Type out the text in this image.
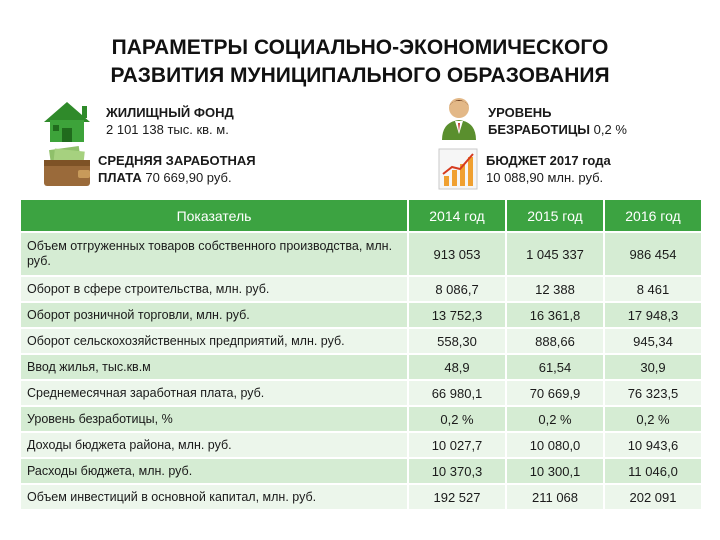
ПАРАМЕТРЫ СОЦИАЛЬНО-ЭКОНОМИЧЕСКОГО
РАЗВИТИЯ МУНИЦИПАЛЬНОГО ОБРАЗОВАНИЯ
ЖИЛИЩНЫЙ ФОНД
2 101 138 тыс. кв. м.
УРОВЕНЬ
БЕЗРАБОТИЦЫ 0,2 %
СРЕДНЯЯ ЗАРАБОТНАЯ
ПЛАТА 70 669,90 руб.
БЮДЖЕТ 2017 года
10 088,90 млн. руб.
Показатель	2014 год	2015 год	2016 год
Объем отгруженных товаров собственного производства, млн. руб.	913 053	1 045 337	986 454
Оборот в сфере строительства, млн. руб.	8 086,7	12 388	8 461
Оборот розничной торговли, млн. руб.	13 752,3	16 361,8	17 948,3
Оборот сельскохозяйственных предприятий, млн. руб.	558,30	888,66	945,34
Ввод жилья, тыс.кв.м	48,9	61,54	30,9
Среднемесячная заработная плата, руб.	66 980,1	70 669,9	76 323,5
Уровень безработицы, %	0,2 %	0,2 %	0,2 %
Доходы бюджета района, млн. руб.	10 027,7	10 080,0	10 943,6
Расходы бюджета, млн. руб.	10 370,3	10 300,1	11 046,0
Объем инвестиций в основной капитал, млн. руб.	192 527	211 068	202 091
